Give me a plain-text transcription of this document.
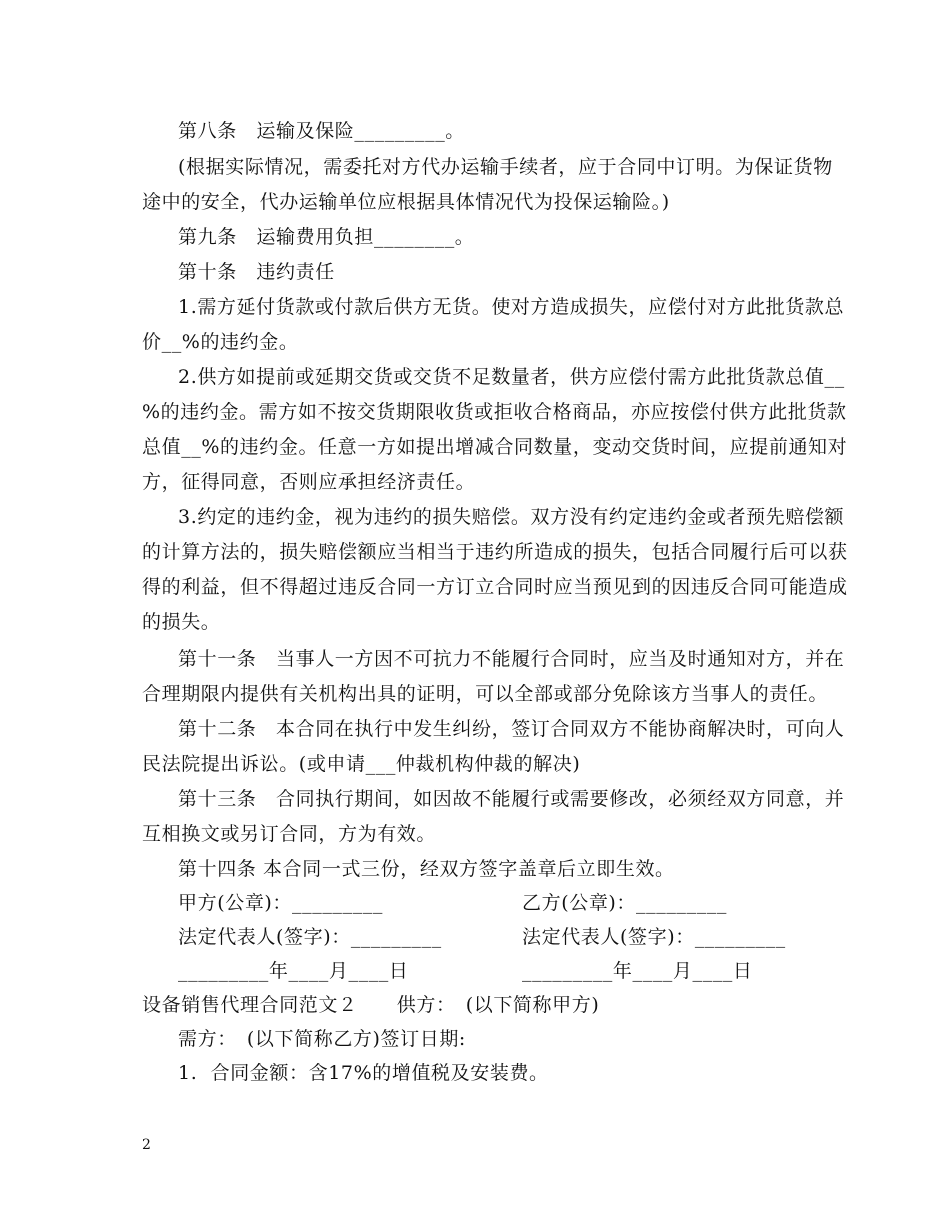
第八条　运输及保险_________。
(根据实际情况，需委托对方代办运输手续者，应于合同中订明。为保证货物
途中的安全，代办运输单位应根据具体情况代为投保运输险。)
第九条　运输费用负担________。
第十条　违约责任
1.需方延付货款或付款后供方无货。使对方造成损失，应偿付对方此批货款总
价__%的违约金。
2.供方如提前或延期交货或交货不足数量者，供方应偿付需方此批货款总值__
%的违约金。需方如不按交货期限收货或拒收合格商品，亦应按偿付供方此批货款
总值__%的违约金。任意一方如提出增减合同数量，变动交货时间，应提前通知对
方，征得同意，否则应承担经济责任。
3.约定的违约金，视为违约的损失赔偿。双方没有约定违约金或者预先赔偿额
的计算方法的，损失赔偿额应当相当于违约所造成的损失，包括合同履行后可以获
得的利益，但不得超过违反合同一方订立合同时应当预见到的因违反合同可能造成
的损失。
第十一条　当事人一方因不可抗力不能履行合同时，应当及时通知对方，并在
合理期限内提供有关机构出具的证明，可以全部或部分免除该方当事人的责任。
第十二条　本合同在执行中发生纠纷，签订合同双方不能协商解决时，可向人
民法院提出诉讼。(或申请___仲裁机构仲裁的解决)
第十三条　合同执行期间，如因故不能履行或需要修改，必须经双方同意，并
互相换文或另订合同，方为有效。
第十四条 本合同一式三份，经双方签字盖章后立即生效。
甲方(公章)：_________	乙方(公章)：_________
法定代表人(签字)：_________	法定代表人(签字)：_________
_________年____月____日	_________年____月____日
设备销售代理合同范文２　　供方：　(以下简称甲方)
需方：　(以下简称乙方)签订日期:
1.  合同金额：含17%的增值税及安装费。
2
